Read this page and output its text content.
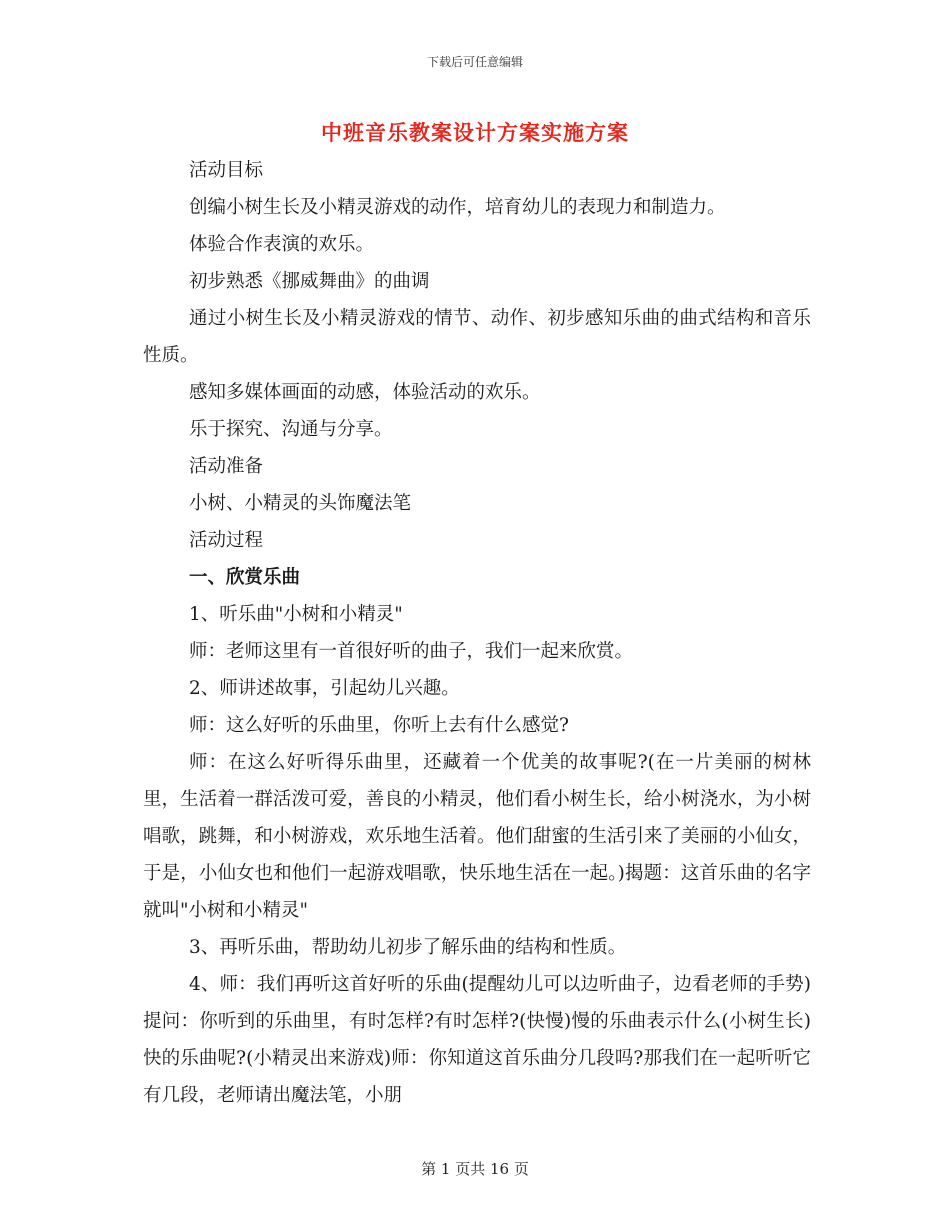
下载后可任意编辑
中班音乐教案设计方案实施方案

活动目标

创编小树生长及小精灵游戏的动作，培育幼儿的表现力和制造力。

体验合作表演的欢乐。

初步熟悉《挪威舞曲》的曲调

通过小树生长及小精灵游戏的情节、动作、初步感知乐曲的曲式结构和音乐性质。

感知多媒体画面的动感，体验活动的欢乐。

乐于探究、沟通与分享。

活动准备

小树、小精灵的头饰魔法笔

活动过程

一、欣赏乐曲

1、听乐曲"小树和小精灵"

师：老师这里有一首很好听的曲子，我们一起来欣赏。

2、师讲述故事，引起幼儿兴趣。

师：这么好听的乐曲里，你听上去有什么感觉?

师：在这么好听得乐曲里，还藏着一个优美的故事呢?(在一片美丽的树林里，生活着一群活泼可爱，善良的小精灵，他们看小树生长，给小树浇水，为小树唱歌，跳舞，和小树游戏，欢乐地生活着。他们甜蜜的生活引来了美丽的小仙女，于是，小仙女也和他们一起游戏唱歌，快乐地生活在一起。)揭题：这首乐曲的名字就叫"小树和小精灵"

3、再听乐曲，帮助幼儿初步了解乐曲的结构和性质。

4、师：我们再听这首好听的乐曲(提醒幼儿可以边听曲子，边看老师的手势)提问：你听到的乐曲里，有时怎样?有时怎样?(快慢)慢的乐曲表示什么(小树生长)快的乐曲呢?(小精灵出来游戏)师：你知道这首乐曲分几段吗?那我们在一起听听它有几段，老师请出魔法笔，小朋

第 1 页共 16 页
